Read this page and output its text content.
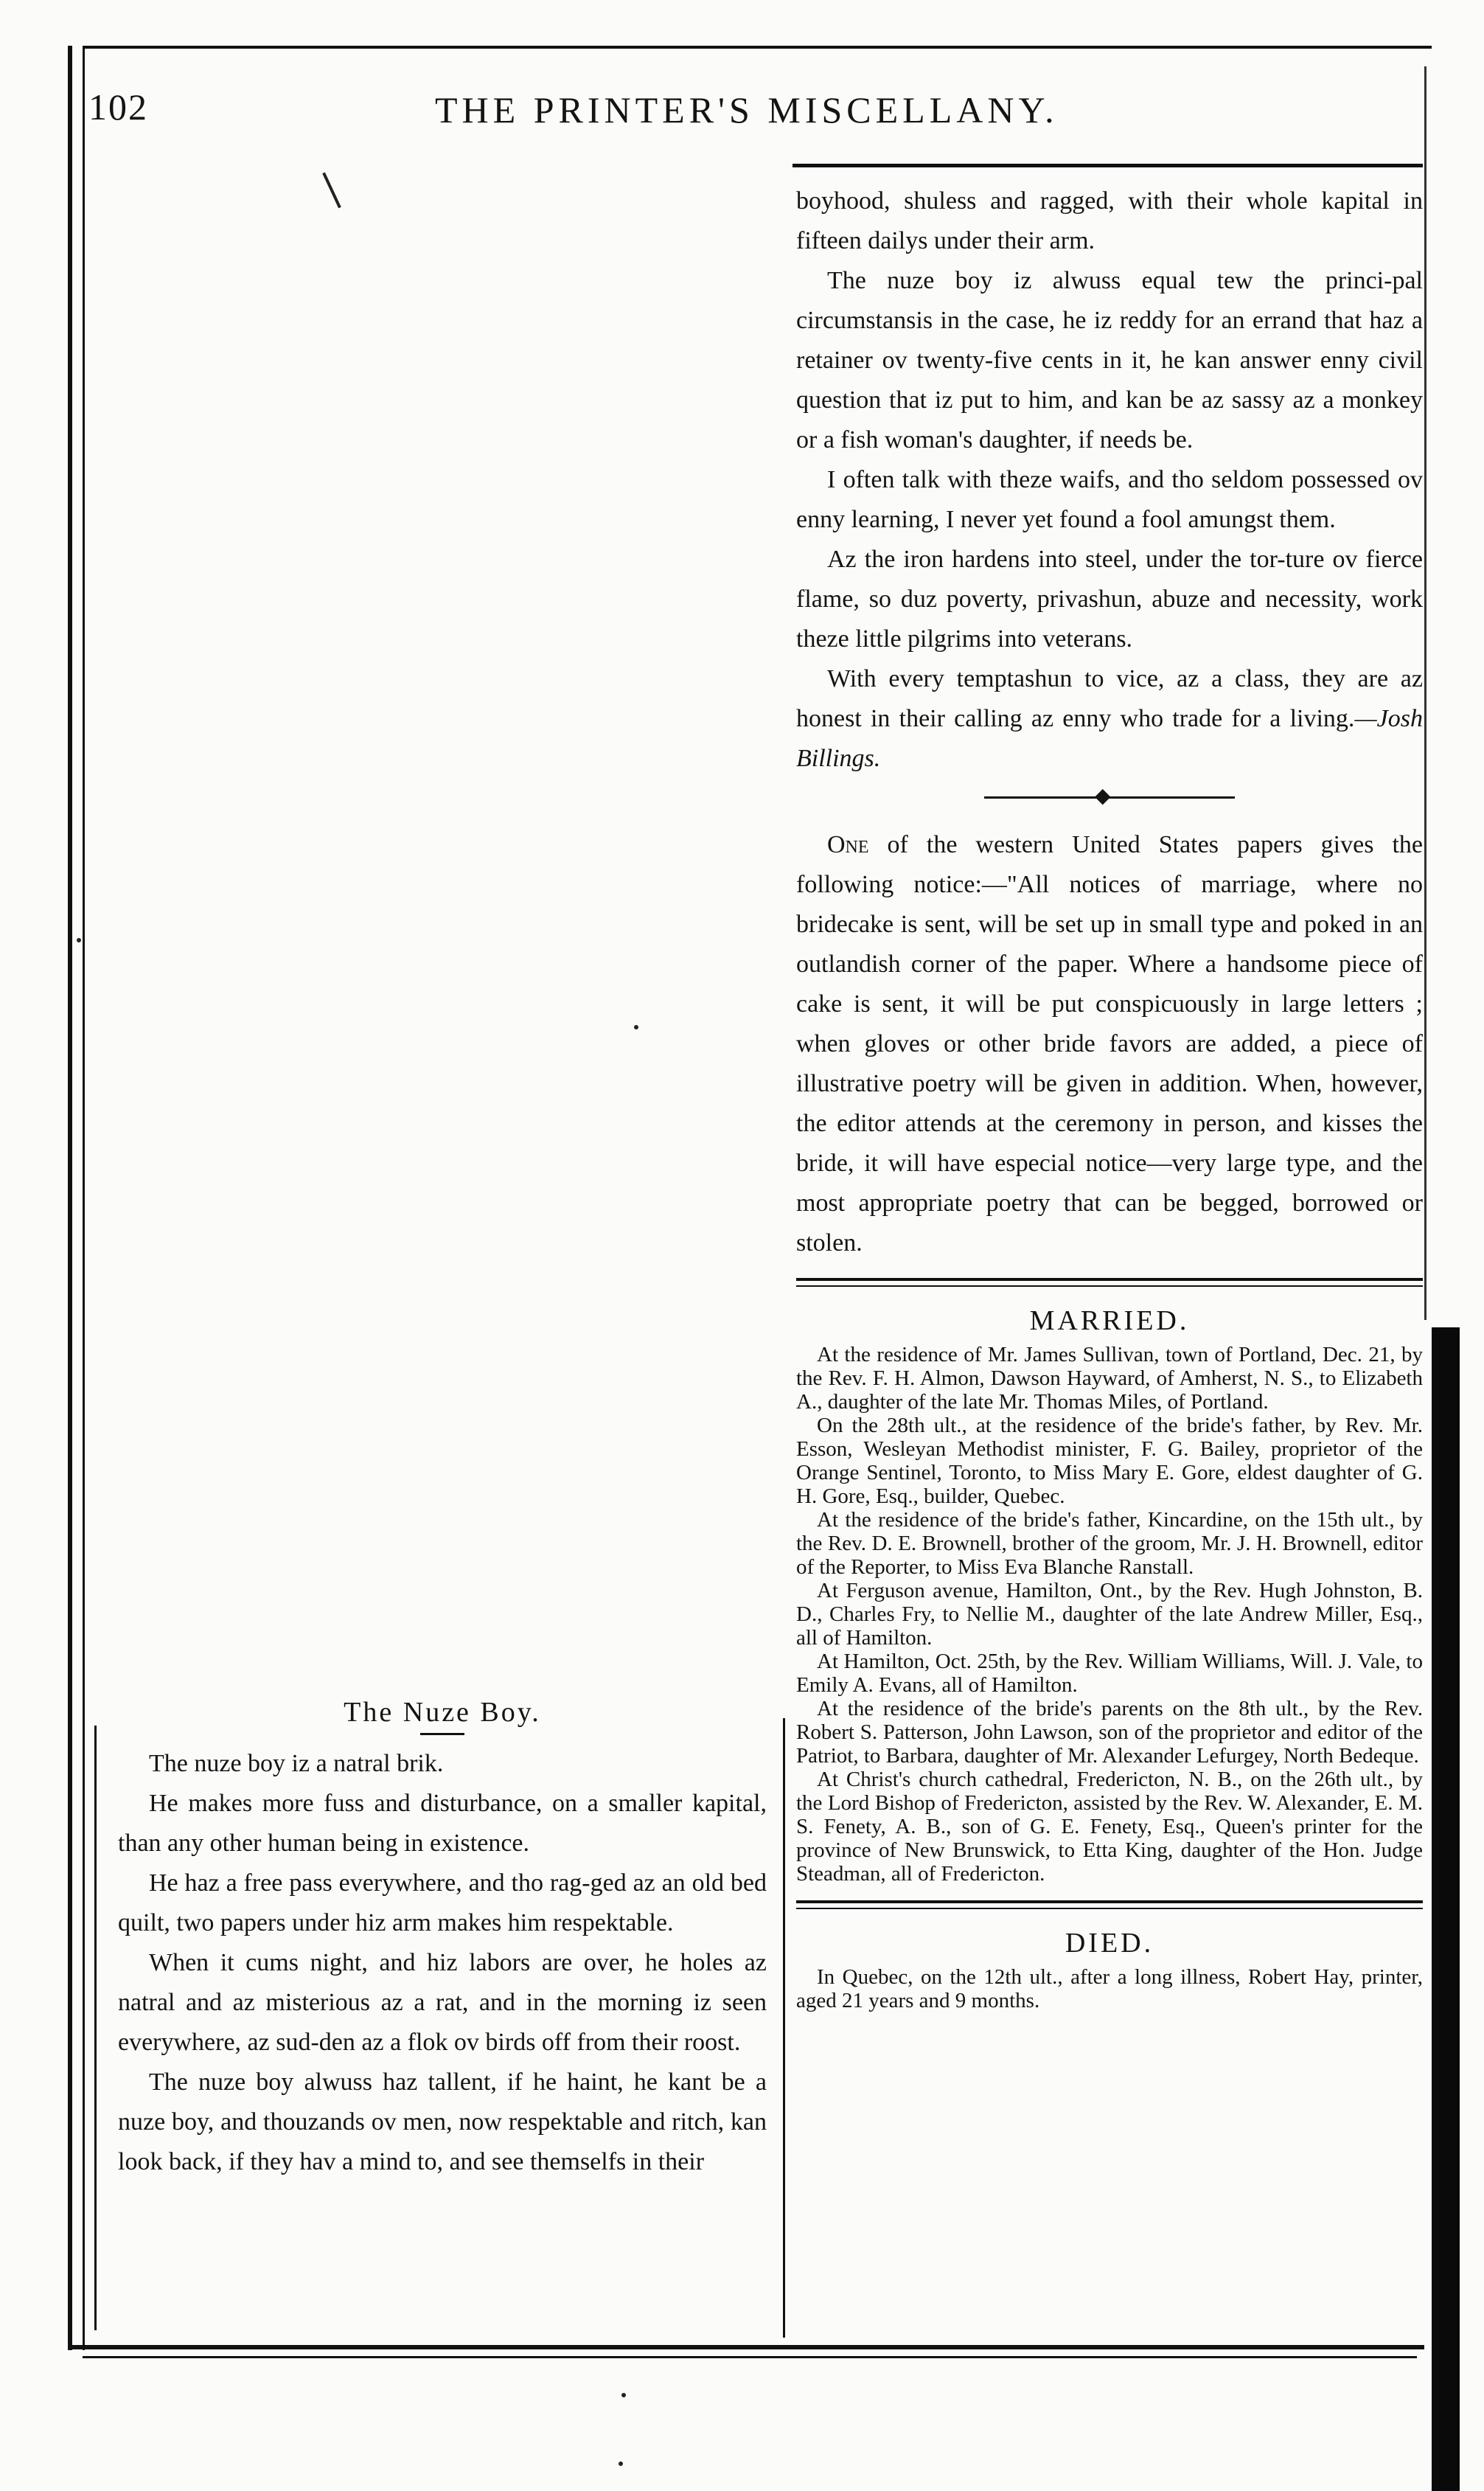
102	THE PRINTER'S MISCELLANY.

boyhood, shuless and ragged, with their whole kapital in fifteen dailys under their arm.

The nuze boy iz alwuss equal tew the princi-pal circumstansis in the case, he iz reddy for an errand that haz a retainer ov twenty-five cents in it, he kan answer enny civil question that iz put to him, and kan be az sassy az a monkey or a fish woman's daughter, if needs be.

I often talk with theze waifs, and tho seldom possessed ov enny learning, I never yet found a fool amungst them.

Az the iron hardens into steel, under the tor-ture ov fierce flame, so duz poverty, privashun, abuze and necessity, work theze little pilgrims into veterans.

With every temptashun to vice, az a class, they are az honest in their calling az enny who trade for a living.—Josh Billings.

◆

One of the western United States papers gives the following notice:—"All notices of marriage, where no bridecake is sent, will be set up in small type and poked in an outlandish corner of the paper. Where a handsome piece of cake is sent, it will be put conspicuously in large letters ; when gloves or other bride favors are added, a piece of illustrative poetry will be given in addition. When, however, the editor attends at the ceremony in person, and kisses the bride, it will have especial notice—very large type, and the most appropriate poetry that can be begged, borrowed or stolen.

MARRIED.

At the residence of Mr. James Sullivan, town of Portland, Dec. 21, by the Rev. F. H. Almon, Dawson Hayward, of Amherst, N. S., to Elizabeth A., daughter of the late Mr. Thomas Miles, of Portland.

On the 28th ult., at the residence of the bride's father, by Rev. Mr. Esson, Wesleyan Methodist minister, F. G. Bailey, proprietor of the Orange Sentinel, Toronto, to Miss Mary E. Gore, eldest daughter of G. H. Gore, Esq., builder, Quebec.

At the residence of the bride's father, Kincardine, on the 15th ult., by the Rev. D. E. Brownell, brother of the groom, Mr. J. H. Brownell, editor of the Reporter, to Miss Eva Blanche Ranstall.

At Ferguson avenue, Hamilton, Ont., by the Rev. Hugh Johnston, B. D., Charles Fry, to Nellie M., daughter of the late Andrew Miller, Esq., all of Hamilton.

At Hamilton, Oct. 25th, by the Rev. William Williams, Will. J. Vale, to Emily A. Evans, all of Hamilton.

At the residence of the bride's parents on the 8th ult., by the Rev. Robert S. Patterson, John Lawson, son of the proprietor and editor of the Patriot, to Barbara, daughter of Mr. Alexander Lefurgey, North Bedeque.

At Christ's church cathedral, Fredericton, N. B., on the 26th ult., by the Lord Bishop of Fredericton, assisted by the Rev. W. Alexander, E. M. S. Fenety, A. B., son of G. E. Fenety, Esq., Queen's printer for the province of New Brunswick, to Etta King, daughter of the Hon. Judge Steadman, all of Fredericton.

DIED.

In Quebec, on the 12th ult., after a long illness, Robert Hay, printer, aged 21 years and 9 months.

The Nuze Boy.

The nuze boy iz a natral brik.

He makes more fuss and disturbance, on a smaller kapital, than any other human being in existence.

He haz a free pass everywhere, and tho rag-ged az an old bed quilt, two papers under hiz arm makes him respektable.

When it cums night, and hiz labors are over, he holes az natral and az misterious az a rat, and in the morning iz seen everywhere, az sud-den az a flok ov birds off from their roost.

The nuze boy alwuss haz tallent, if he haint, he kant be a nuze boy, and thouzands ov men, now respektable and ritch, kan look back, if they hav a mind to, and see themselfs in their
